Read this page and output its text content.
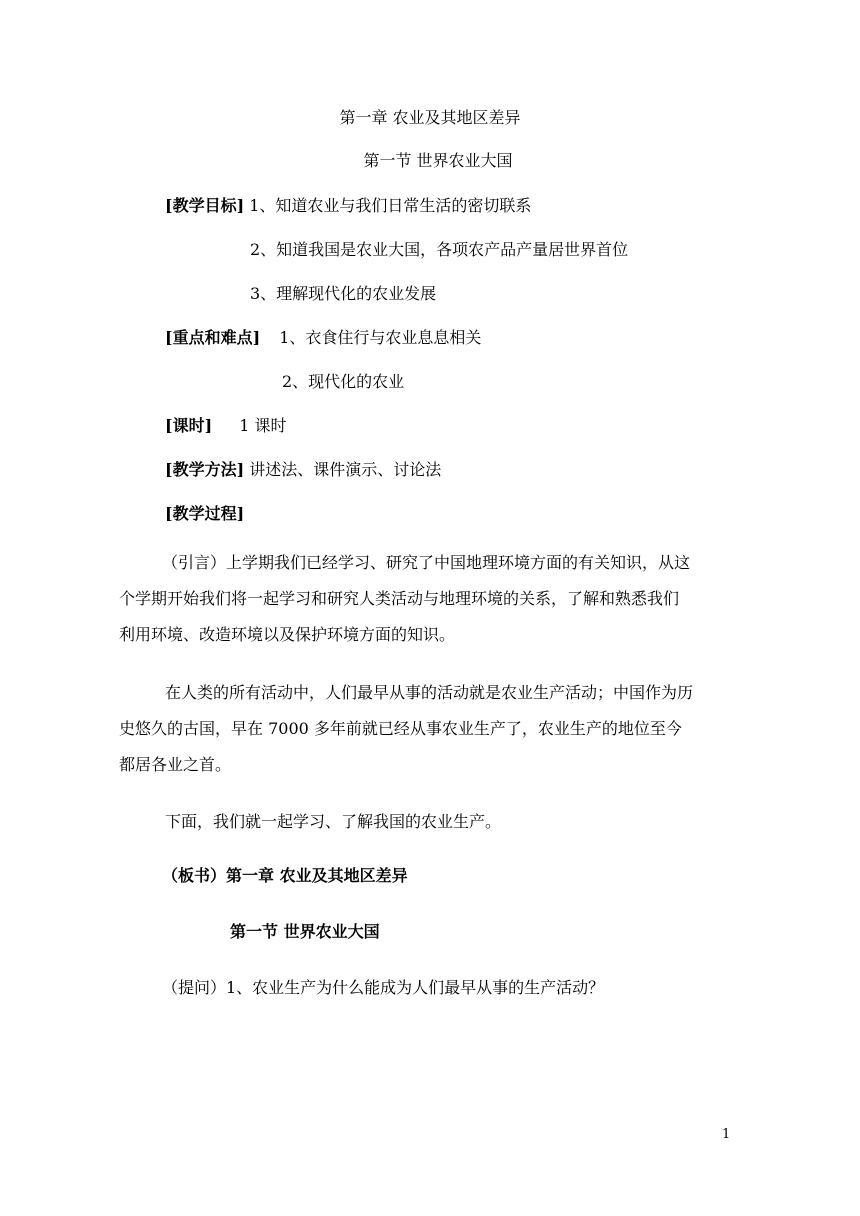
第一章 农业及其地区差异
第一节 世界农业大国
[教学目标] 1、知道农业与我们日常生活的密切联系
2、知道我国是农业大国，各项农产品产量居世界首位
3、理解现代化的农业发展
[重点和难点] 1、衣食住行与农业息息相关
2、现代化的农业
[课时] 1 课时
[教学方法] 讲述法、课件演示、讨论法
[教学过程]
（引言）上学期我们已经学习、研究了中国地理环境方面的有关知识，从这
个学期开始我们将一起学习和研究人类活动与地理环境的关系，了解和熟悉我们
利用环境、改造环境以及保护环境方面的知识。
在人类的所有活动中，人们最早从事的活动就是农业生产活动；中国作为历
史悠久的古国，早在 7000 多年前就已经从事农业生产了，农业生产的地位至今
都居各业之首。
下面，我们就一起学习、了解我国的农业生产。
（板书）第一章 农业及其地区差异
第一节 世界农业大国
（提问）1、农业生产为什么能成为人们最早从事的生产活动？
1
